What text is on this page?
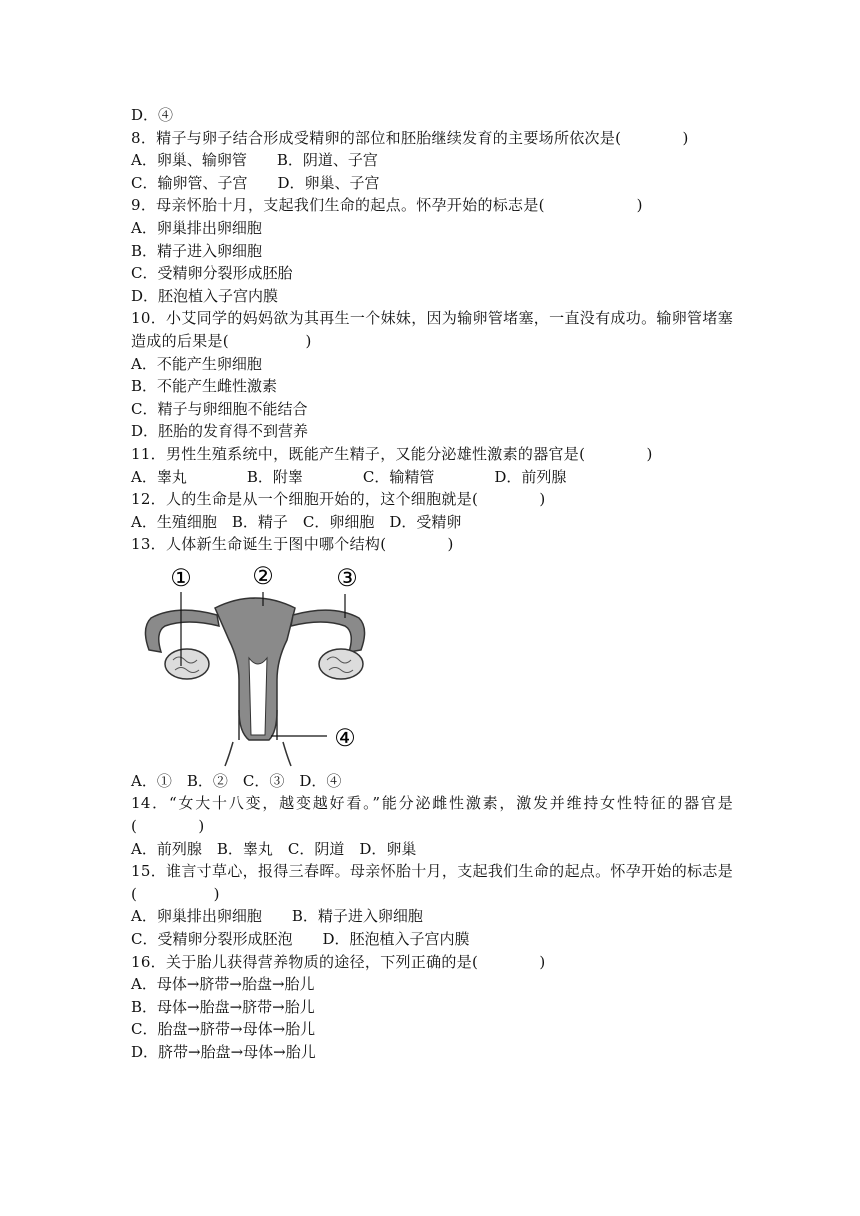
D．④
8．精子与卵子结合形成受精卵的部位和胚胎继续发育的主要场所依次是(　　　　)
A．卵巢、输卵管　　B．阴道、子宫
C．输卵管、子宫　　D．卵巢、子宫
9．母亲怀胎十月，支起我们生命的起点。怀孕开始的标志是(　　　　　　)
A．卵巢排出卵细胞
B．精子进入卵细胞
C．受精卵分裂形成胚胎
D．胚泡植入子宫内膜
10．小艾同学的妈妈欲为其再生一个妹妹，因为输卵管堵塞，一直没有成功。输卵管堵塞造成的后果是(　　　　　)
A．不能产生卵细胞
B．不能产生雌性激素
C．精子与卵细胞不能结合
D．胚胎的发育得不到营养
11．男性生殖系统中，既能产生精子，又能分泌雄性激素的器官是(　　　　)
A．睾丸　　　　B．附睾　　　　C．输精管　　　　D．前列腺
12．人的生命是从一个细胞开始的，这个细胞就是(　　　　)
A．生殖细胞　B．精子　C．卵细胞　D．受精卵
13．人体新生命诞生于图中哪个结构(　　　　)
①	②	③
④
A．①　B．②　C．③　D．④
14．“女大十八变，越变越好看。”能分泌雌性激素，激发并维持女性特征的器官是(　　　　)
A．前列腺　B．睾丸　C．阴道　D．卵巢
15．谁言寸草心，报得三春晖。母亲怀胎十月，支起我们生命的起点。怀孕开始的标志是(　　　　　)
A．卵巢排出卵细胞　　B．精子进入卵细胞
C．受精卵分裂形成胚泡　　D．胚泡植入子宫内膜
16．关于胎儿获得营养物质的途径，下列正确的是(　　　　)
A．母体→脐带→胎盘→胎儿
B．母体→胎盘→脐带→胎儿
C．胎盘→脐带→母体→胎儿
D．脐带→胎盘→母体→胎儿
